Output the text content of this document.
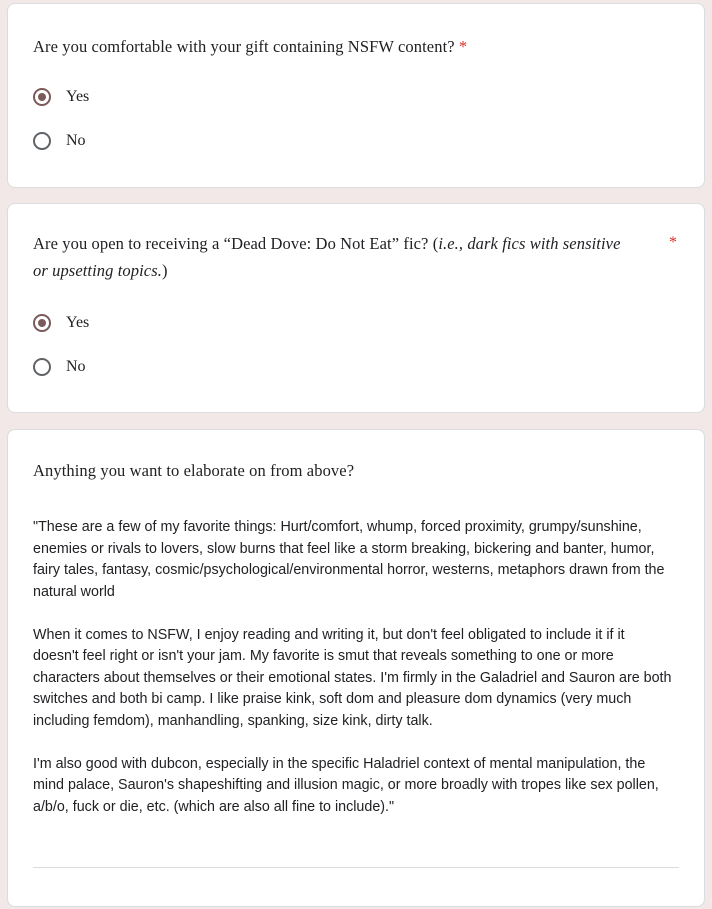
Are you comfortable with your gift containing NSFW content? *
Yes
No
Are you open to receiving a “Dead Dove: Do Not Eat” fic? (i.e., dark fics with sensitive or upsetting topics.)
*
Yes
No
Anything you want to elaborate on from above?

"These are a few of my favorite things: Hurt/comfort, whump, forced proximity, grumpy/sunshine, enemies or rivals to lovers, slow burns that feel like a storm breaking, bickering and banter, humor, fairy tales, fantasy, cosmic/psychological/environmental horror, westerns, metaphors drawn from the natural world

When it comes to NSFW, I enjoy reading and writing it, but don't feel obligated to include it if it doesn't feel right or isn't your jam. My favorite is smut that reveals something to one or more characters about themselves or their emotional states. I'm firmly in the Galadriel and Sauron are both switches and both bi camp. I like praise kink, soft dom and pleasure dom dynamics (very much including femdom), manhandling, spanking, size kink, dirty talk.

I'm also good with dubcon, especially in the specific Haladriel context of mental manipulation, the mind palace, Sauron's shapeshifting and illusion magic, or more broadly with tropes like sex pollen, a/b/o, fuck or die, etc. (which are also all fine to include)."
